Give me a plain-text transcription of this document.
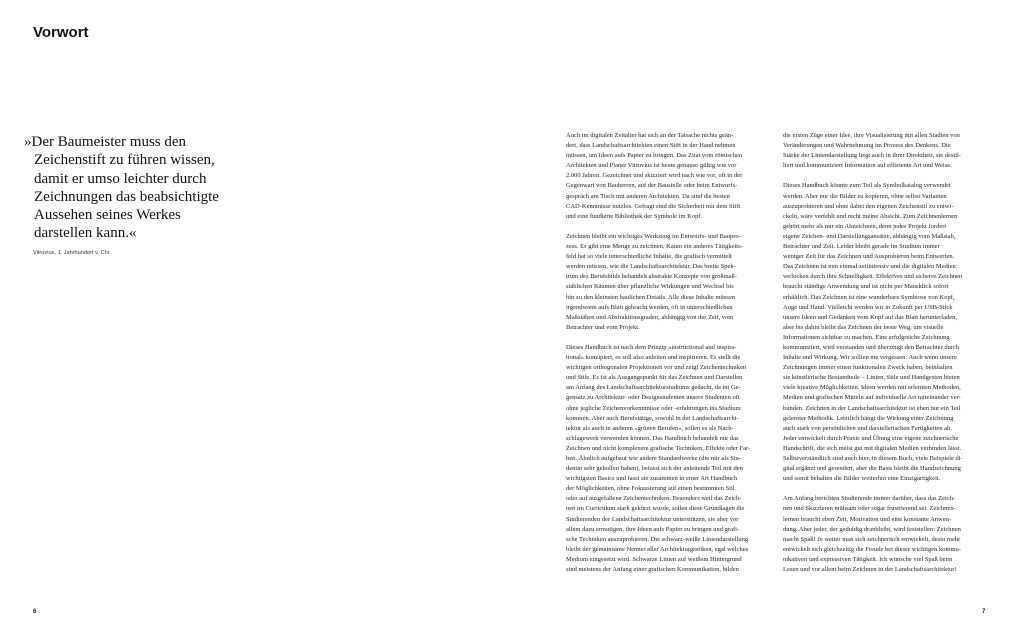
Vorwort
»Der Baumeister muss den
Zeichenstift zu führen wissen,
damit er umso leichter durch
Zeichnungen das beabsichtigte
Aussehen seines Werkes
darstellen kann.«

Vitruvius, 1. Jahrhundert v. Chr.

Auch im digitalen Zeitalter hat sich an der Tatsache nichts geän-
dert, dass Landschaftsarchitekten einen Stift in der Hand nehmen
müssen, um Ideen aufs Papier zu bringen. Das Zitat vom römischen
Architekten und Planer Vitruvius ist heute genauso gültig wie vor
2.000 Jahren. Gezeichnet und skizziert wird nach wie vor, oft in der
Gegenwart von Bauherren, auf der Baustelle oder beim Entwurfs-
gespräch am Tisch mit anderen Architekten. Da sind die besten
CAD-Kenntnisse nutzlos. Gefragt sind die Sicherheit mit dem Stift
und eine fundierte Bibliothek der Symbole im Kopf.

Zeichnen bleibt ein wichtiges Werkzeug im Entwurfs- und Baupro-
zess. Es gibt eine Menge zu zeichnen. Kaum ein anderes Tätigkeits-
feld hat so viele unterschiedliche Inhalte, die grafisch vermittelt
werden müssen, wie die Landschaftsarchitektur. Das breite Spek-
trum des Berufsbilds behandelt abstrakte Konzepte von großmaß-
stäblichen Räumen über pflanzliche Wirkungen und Wechsel bis
hin zu den kleinsten baulichen Details. Alle diese Inhalte müssen
irgendwann aufs Blatt gebracht werden, oft in unterschiedlichen
Maßstäben und Abstraktionsgraden, abhängig von der Zeit, vom
Betrachter und vom Projekt.

Dieses Handbuch ist nach dem Prinzip »instructional and inspira-
tional« konzipiert, es soll also anleiten und inspirieren. Es stellt die
wichtigen orthogonalen Projektionen vor und zeigt Zeichentechniken
und Stile. Es ist als Ausgangspunkt für das Zeichnen und Darstellen
am Anfang des Landschaftsarchitekturstudiums gedacht, da im Ge-
gensatz zu Architektur- oder Designstudenten unsere Studenten oft
ohne jegliche Zeichenvorkenntnisse oder -erfahrungen ins Studium
kommen. Aber auch Berufstätige, sowohl in der Landschaftsarchi-
tektur als auch in anderen »grünen Berufen«, sollen es als Nach-
schlagewerk verwenden können. Das Handbuch behandelt nur das
Zeichnen und nicht komplexere grafische Techniken, Effekte oder Far-
ben. Ähnlich aufgebaut wie andere Standardwerke (die mir als Stu-
dentin sehr geholfen haben), befasst sich der anleitende Teil mit den
wichtigsten Basics und fasst sie zusammen in einer Art Handbuch
der Möglichkeiten, ohne Fokussierung auf einen bestimmten Stil
oder auf ausgefallene Zeichentechniken. Besonders weil das Zeich-
nen im Curriculum stark gekürzt wurde, sollen diese Grundlagen die
Studierenden der Landschaftsarchitektur unterstützen, sie aber vor
allem dazu ermutigen, ihre Ideen aufs Papier zu bringen und grafi-
sche Techniken auszuprobieren. Die schwarz-weiße Liniendarstellung
bleibt der gemeinsame Nenner aller Architekturgrafiken, egal welches
Medium eingesetzt wird. Schwarze Linien auf weißem Hintergrund
sind meistens der Anfang einer grafischen Kommunikation, bilden

die ersten Züge einer Idee, ihre Visualisierung mit allen Stadien von
Veränderungen und Wahrnehmung im Prozess des Denkens. Die
Stärke der Liniendarstellung liegt auch in ihrer Direktheit, sie destil-
liert und kommuniziert Information auf effiziente Art und Weise.

Dieses Handbuch könnte zum Teil als Symbolkatalog verwendet
werden. Aber nur die Bilder zu kopieren, ohne selbst Varianten
auszuprobieren und ohne dabei den eigenen Zeichenstil zu entwi-
ckeln, wäre verfehlt und nicht meine Absicht. Zum Zeichnenlernen
gehört mehr als nur ein Abzeichnen, denn jedes Projekt fordert
eigene Zeichen- und Darstellungsansätze, abhängig vom Maßstab,
Betrachter und Zeit. Leider bleibt gerade im Studium immer
weniger Zeit für das Zeichnen und Ausprobieren beim Entwerfen.
Das Zeichnen ist nun einmal zeitintensiv und die digitalen Medien
verlocken durch ihre Schnelligkeit. Effektives und sicheres Zeichnen
braucht ständige Anwendung und ist nicht per Mausklick sofort
erhältlich. Das Zeichnen ist eine wunderbare Symbiose von Kopf,
Auge und Hand. Vielleicht werden wir in Zukunft per USB-Stick
unsere Ideen und Gedanken vom Kopf auf das Blatt herunterladen,
aber bis dahin bleibt das Zeichnen der beste Weg, um visuelle
Informationen sichtbar zu machen. Eine erfolgreiche Zeichnung
kommuniziert, wird verstanden und überzeugt den Betrachter durch
Inhalte und Wirkung. Wir sollten nie vergessen: Auch wenn unsere
Zeichnungen immer einen funktionalen Zweck haben, beinhalten
sie künstlerische Bestandteile – Linien, Stile und Handgesten bieten
viele kreative Möglichkeiten. Ideen werden mit erlernten Methoden,
Medien und grafischen Mitteln auf individuelle Art miteinander ver-
bunden. Zeichnen in der Landschaftsarchitektur ist eben nur ein Teil
gelernter Methodik. Letztlich hängt die Wirkung einer Zeichnung
auch stark von persönlichen und darstellerischen Fertigkeiten ab.
Jeder entwickelt durch Praxis und Übung eine eigene zeichnerische
Handschrift, die sich meist gut mit digitalen Medien verbinden lässt.
Selbstverständlich sind auch hier, in diesem Buch, viele Beispiele di-
gital ergänzt und gerendert, aber die Basis bleibt die Handzeichnung
und somit behalten die Bilder weiterhin eine Einzigartigkeit.

Am Anfang berichten Studierende immer darüber, dass das Zeich-
nen und Skizzieren mühsam oder sogar frustrierend sei. Zeichnen-
lernen braucht eben Zeit, Motivation und eine konstante Anwen-
dung. Aber jeder, der geduldig dranbleibt, wird feststellen: Zeichnen
macht Spaß! Je weiter man sich zeichnerisch entwickelt, desto mehr
entwickelt sich gleichzeitig die Freude bei dieser wichtigen kommu-
nikativen und expressiven Tätigkeit. Ich wünsche viel Spaß beim
Lesen und vor allem beim Zeichnen in der Landschaftsarchitektur!

6	7
